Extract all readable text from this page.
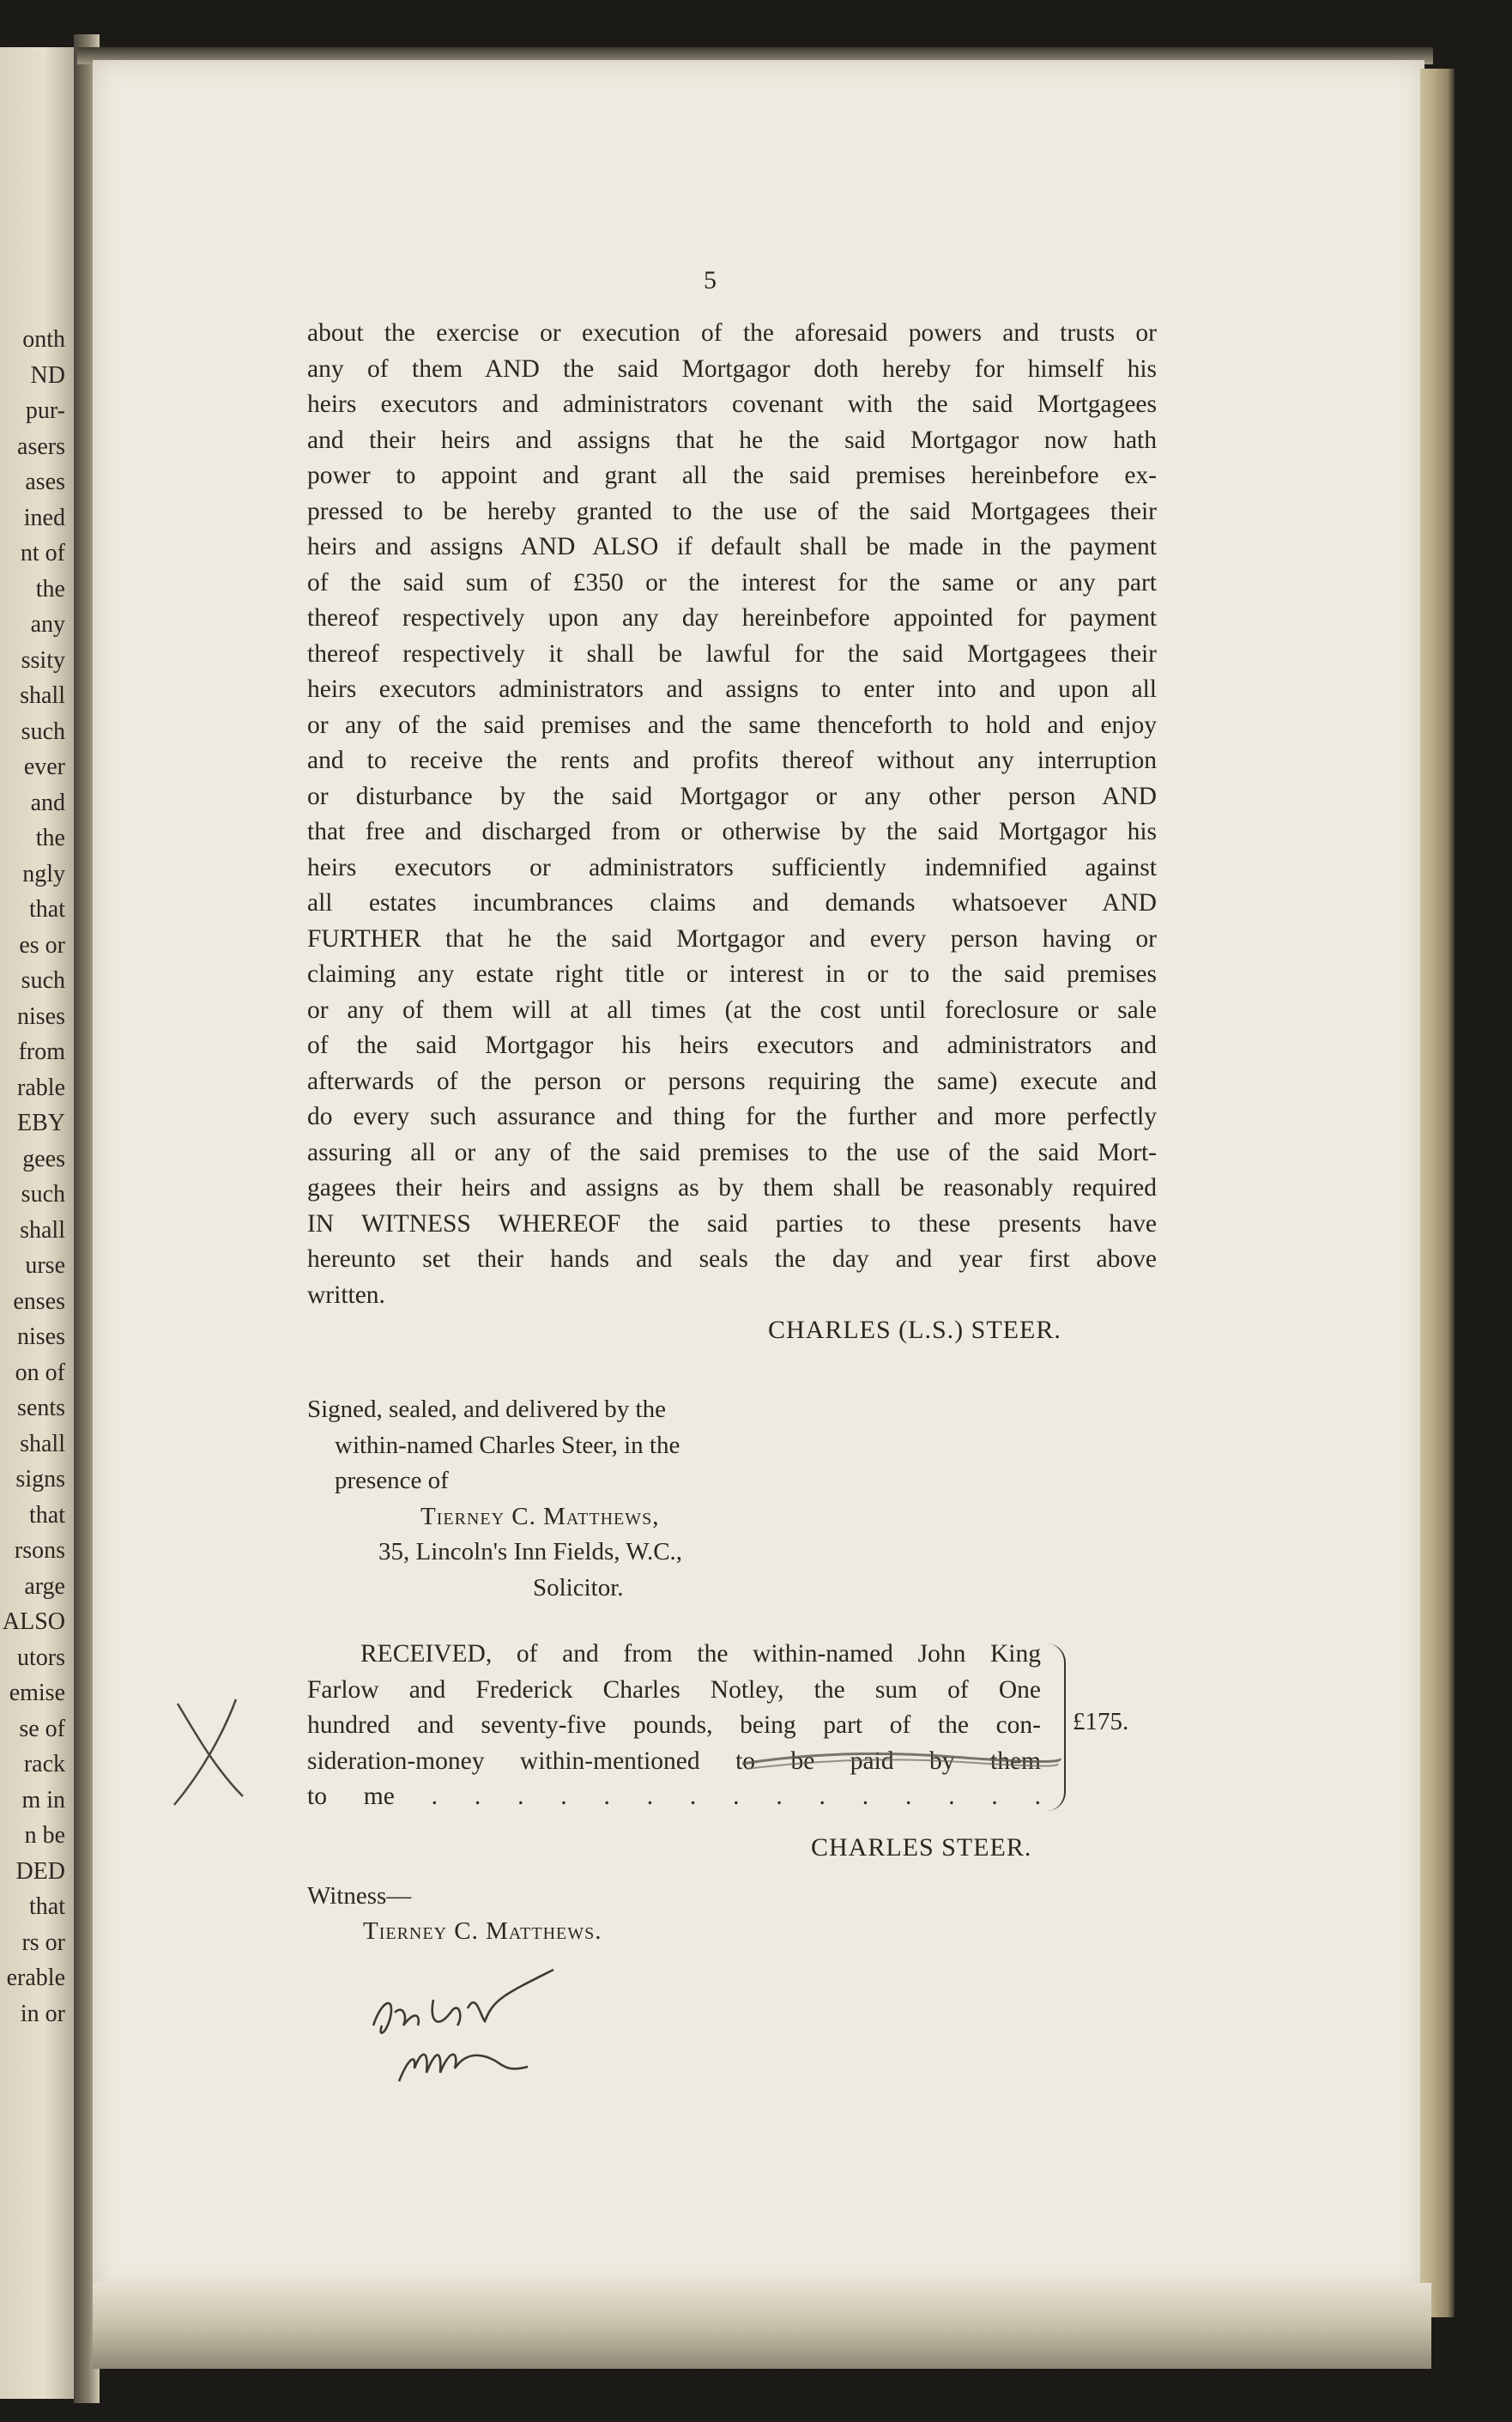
onth
ND
pur-
asers
ases
ined
nt of
the
any
ssity
shall
such
ever
and
the
ngly
that
es or
such
nises
from
rable
EBY
gees
such
shall
urse
enses
nises
on of
sents
shall
signs
that
rsons
arge
ALSO
utors
emise
se of
rack
m in
n be
DED
that
rs or
erable
in or
5
about the exercise or execution of the aforesaid powers and trusts or
any of them AND the said Mortgagor doth hereby for himself his
heirs executors and administrators covenant with the said Mortgagees
and their heirs and assigns that he the said Mortgagor now hath
power to appoint and grant all the said premises hereinbefore ex-
pressed to be hereby granted to the use of the said Mortgagees their
heirs and assigns AND ALSO if default shall be made in the payment
of the said sum of £350 or the interest for the same or any part
thereof respectively upon any day hereinbefore appointed for payment
thereof respectively it shall be lawful for the said Mortgagees their
heirs executors administrators and assigns to enter into and upon all
or any of the said premises and the same thenceforth to hold and enjoy
and to receive the rents and profits thereof without any interruption
or disturbance by the said Mortgagor or any other person AND
that free and discharged from or otherwise by the said Mortgagor his
heirs executors or administrators sufficiently indemnified against
all estates incumbrances claims and demands whatsoever AND
FURTHER that he the said Mortgagor and every person having or
claiming any estate right title or interest in or to the said premises
or any of them will at all times (at the cost until foreclosure or sale
of the said Mortgagor his heirs executors and administrators and
afterwards of the person or persons requiring the same) execute and
do every such assurance and thing for the further and more perfectly
assuring all or any of the said premises to the use of the said Mort-
gagees their heirs and assigns as by them shall be reasonably required
IN WITNESS WHEREOF the said parties to these presents have
hereunto set their hands and seals the day and year first above
written.
CHARLES (L.S.) STEER.
Signed, sealed, and delivered by the
within-named Charles Steer, in the
presence of
Tierney C. Matthews,
35, Lincoln's Inn Fields, W.C.,
Solicitor.
RECEIVED, of and from the within-named John King
Farlow and Frederick Charles Notley, the sum of One
hundred and seventy-five pounds, being part of the con-
sideration-money within-mentioned to be paid by them
to me . . . . . . . . . . . . . . .
£175.
CHARLES STEER.
Witness—
Tierney C. Matthews.
